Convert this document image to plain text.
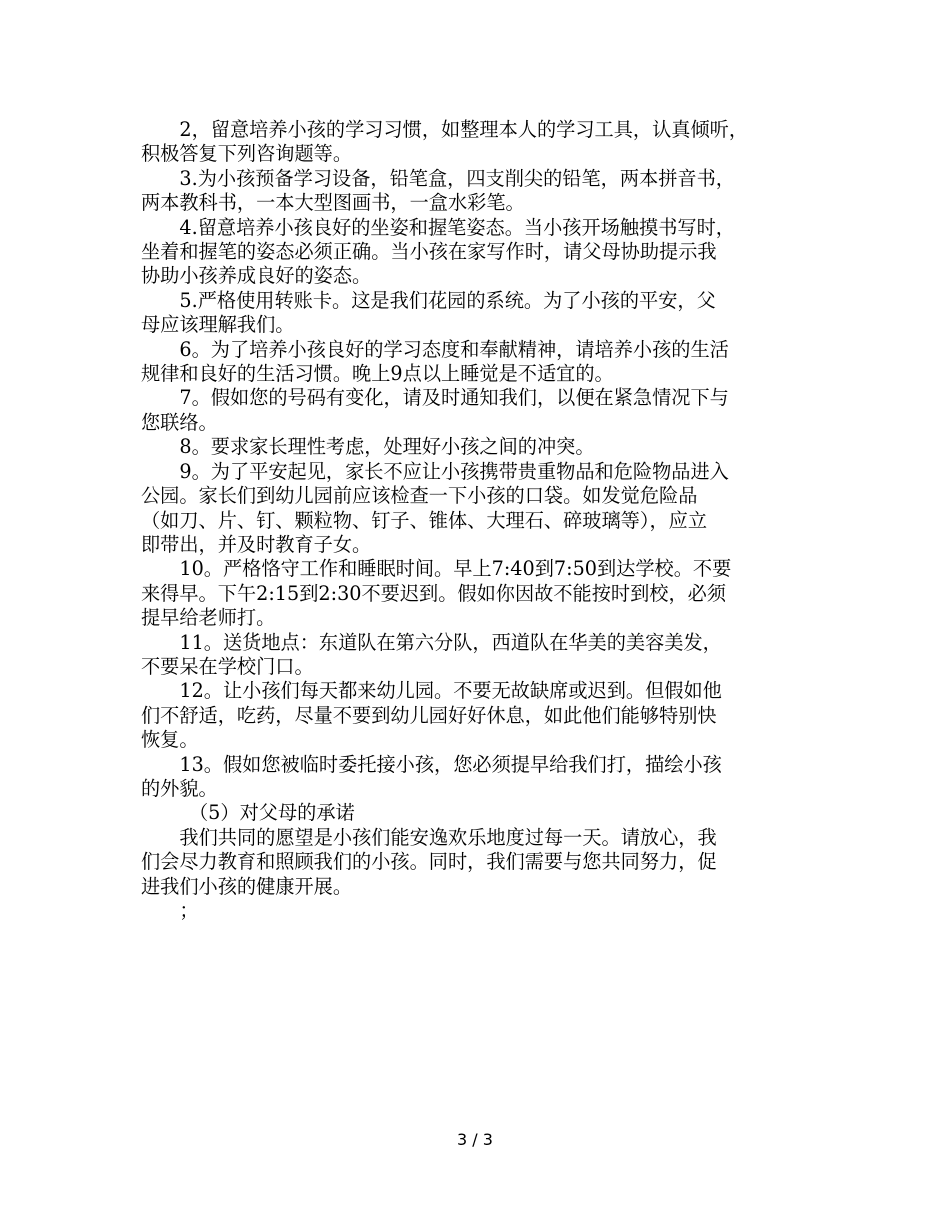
2，留意培养小孩的学习习惯，如整理本人的学习工具，认真倾听，
积极答复下列咨询题等。

3.为小孩预备学习设备，铅笔盒，四支削尖的铅笔，两本拼音书，
两本教科书，一本大型图画书，一盒水彩笔。

4.留意培养小孩良好的坐姿和握笔姿态。当小孩开场触摸书写时，
坐着和握笔的姿态必须正确。当小孩在家写作时，请父母协助提示我
协助小孩养成良好的姿态。

5.严格使用转账卡。这是我们花园的系统。为了小孩的平安，父
母应该理解我们。

6。为了培养小孩良好的学习态度和奉献精神，请培养小孩的生活
规律和良好的生活习惯。晚上9点以上睡觉是不适宜的。

7。假如您的号码有变化，请及时通知我们，以便在紧急情况下与
您联络。

8。要求家长理性考虑，处理好小孩之间的冲突。

9。为了平安起见，家长不应让小孩携带贵重物品和危险物品进入
公园。家长们到幼儿园前应该检查一下小孩的口袋。如发觉危险品
（如刀、片、钉、颗粒物、钉子、锥体、大理石、碎玻璃等），应立
即带出，并及时教育子女。

10。严格恪守工作和睡眠时间。早上7:40到7:50到达学校。不要
来得早。下午2:15到2:30不要迟到。假如你因故不能按时到校，必须
提早给老师打。

11。送货地点：东道队在第六分队，西道队在华美的美容美发，
不要呆在学校门口。

12。让小孩们每天都来幼儿园。不要无故缺席或迟到。但假如他
们不舒适，吃药，尽量不要到幼儿园好好休息，如此他们能够特别快
恢复。

13。假如您被临时委托接小孩，您必须提早给我们打，描绘小孩
的外貌。

（5）对父母的承诺

我们共同的愿望是小孩们能安逸欢乐地度过每一天。请放心，我
们会尽力教育和照顾我们的小孩。同时，我们需要与您共同努力，促
进我们小孩的健康开展。

；

3 / 3
